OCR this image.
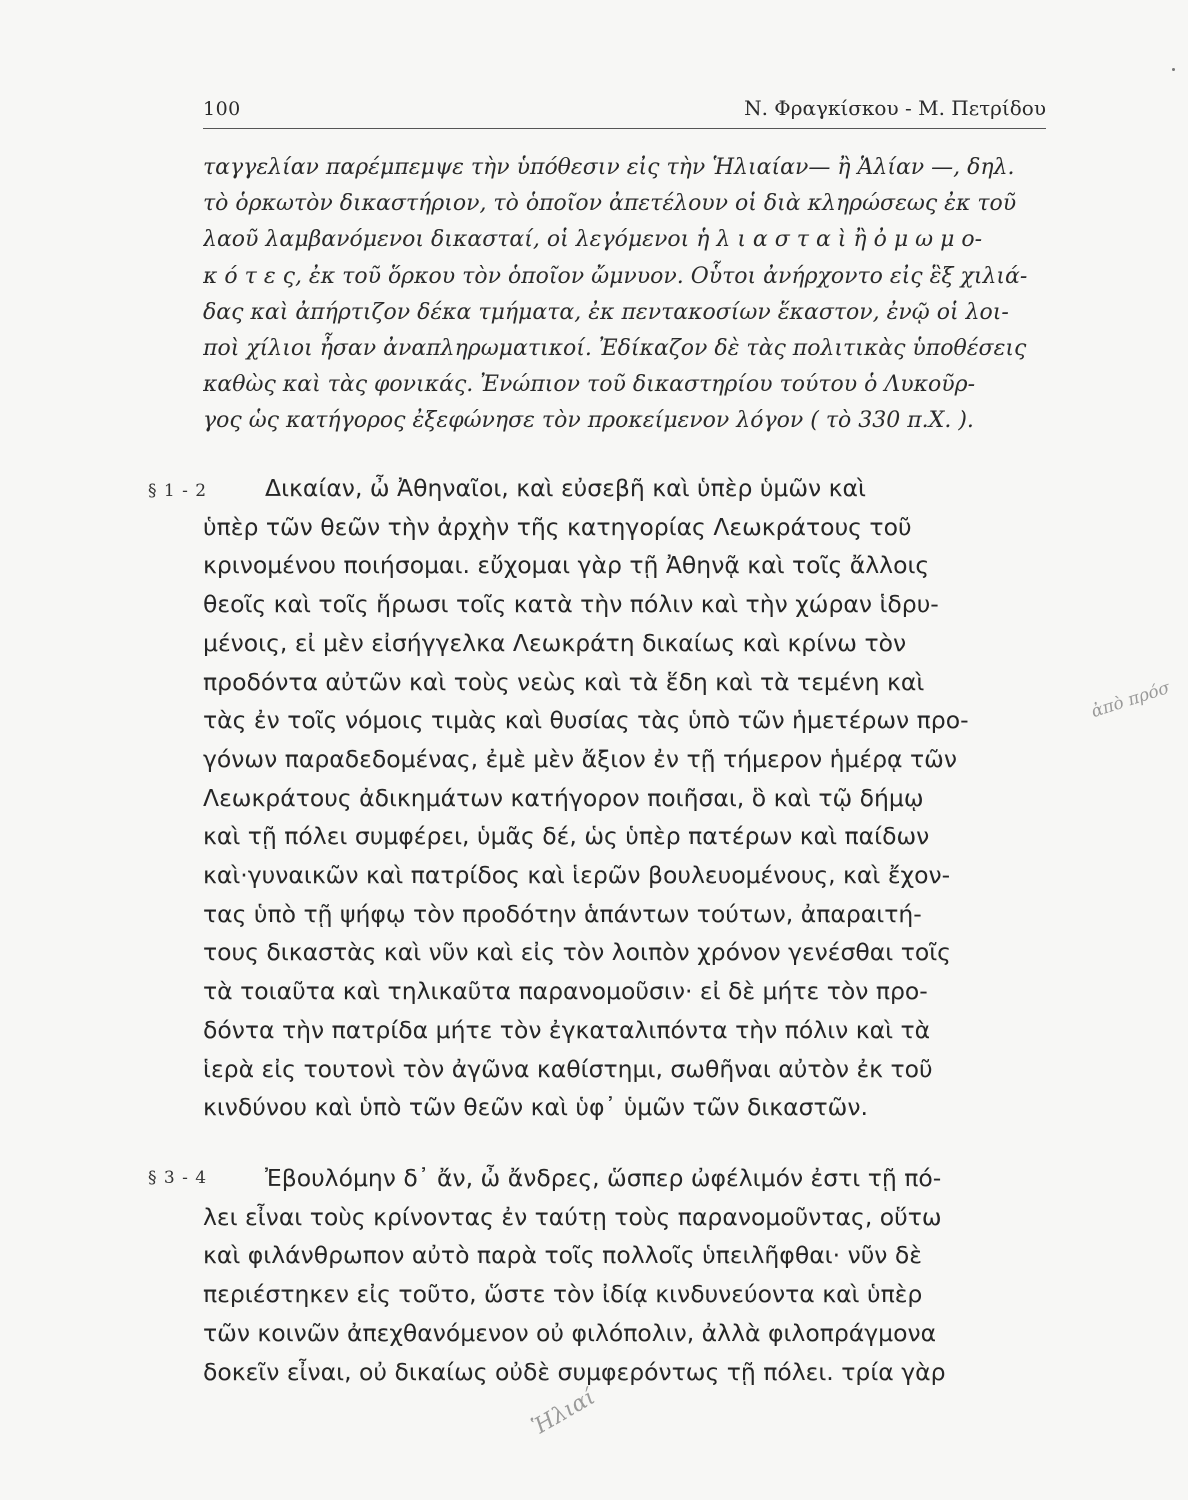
100	Ν. Φραγκίσκου - Μ. Πετρίδου

ταγγελίαν παρέμπεμψε τὴν ὑπόθεσιν εἰς τὴν Ἡλιαίαν— ἢ Ἁλίαν —, δηλ.
τὸ ὁρκωτὸν δικαστήριον, τὸ ὁποῖον ἀπετέλουν οἱ διὰ κληρώσεως ἐκ τοῦ
λαοῦ λαμβανόμενοι δικασταί, οἱ λεγόμενοι ἡ λ ι α σ τ α ὶ ἢ ὀ μ ω μ ο-
κ ό τ ε ς, ἐκ τοῦ ὅρκου τὸν ὁποῖον ὤμνυον. Οὗτοι ἀνήρχοντο εἰς ἓξ χιλιά-
δας καὶ ἀπήρτιζον δέκα τμήματα, ἐκ πεντακοσίων ἕκαστον, ἐνῷ οἱ λοι-
ποὶ χίλιοι ἦσαν ἀναπληρωματικοί. Ἐδίκαζον δὲ τὰς πολιτικὰς ὑποθέσεις
καθὼς καὶ τὰς φονικάς. Ἐνώπιον τοῦ δικαστηρίου τούτου ὁ Λυκοῦρ-
γος ὡς κατήγορος ἐξεφώνησε τὸν προκείμενον λόγον ( τὸ 330 π.Χ. ).

§ 1 - 2	Δικαίαν, ὦ Ἀθηναῖοι, καὶ εὐσεβῆ καὶ ὑπὲρ ὑμῶν καὶ
ὑπὲρ τῶν θεῶν τὴν ἀρχὴν τῆς κατηγορίας Λεωκράτους τοῦ
κρινομένου ποιήσομαι. εὔχομαι γὰρ τῇ Ἀθηνᾷ καὶ τοῖς ἄλλοις
θεοῖς καὶ τοῖς ἥρωσι τοῖς κατὰ τὴν πόλιν καὶ τὴν χώραν ἱδρυ-
μένοις, εἰ μὲν εἰσήγγελκα Λεωκράτη δικαίως καὶ κρίνω τὸν
προδόντα αὐτῶν καὶ τοὺς νεὼς καὶ τὰ ἕδη καὶ τὰ τεμένη καὶ
τὰς ἐν τοῖς νόμοις τιμὰς καὶ θυσίας τὰς ὑπὸ τῶν ἡμετέρων προ-
γόνων παραδεδομένας, ἐμὲ μὲν ἄξιον ἐν τῇ τήμερον ἡμέρᾳ τῶν
Λεωκράτους ἀδικημάτων κατήγορον ποιῆσαι, ὃ καὶ τῷ δήμῳ
καὶ τῇ πόλει συμφέρει, ὑμᾶς δέ, ὡς ὑπὲρ πατέρων καὶ παίδων
καὶ·γυναικῶν καὶ πατρίδος καὶ ἱερῶν βουλευομένους, καὶ ἔχον-
τας ὑπὸ τῇ ψήφῳ τὸν προδότην ἁπάντων τούτων, ἀπαραιτή-
τους δικαστὰς καὶ νῦν καὶ εἰς τὸν λοιπὸν χρόνον γενέσθαι τοῖς
τὰ τοιαῦτα καὶ τηλικαῦτα παρανομοῦσιν· εἰ δὲ μήτε τὸν προ-
δόντα τὴν πατρίδα μήτε τὸν ἐγκαταλιπόντα τὴν πόλιν καὶ τὰ
ἱερὰ εἰς τουτονὶ τὸν ἀγῶνα καθίστημι, σωθῆναι αὐτὸν ἐκ τοῦ
κινδύνου καὶ ὑπὸ τῶν θεῶν καὶ ὑφ᾽ ὑμῶν τῶν δικαστῶν.

§ 3 - 4	Ἐβουλόμην δ᾽ ἄν, ὦ ἄνδρες, ὥσπερ ὠφέλιμόν ἐστι τῇ πό-
λει εἶναι τοὺς κρίνοντας ἐν ταύτῃ τοὺς παρανομοῦντας, οὕτω
καὶ φιλάνθρωπον αὐτὸ παρὰ τοῖς πολλοῖς ὑπειλῆφθαι· νῦν δὲ
περιέστηκεν εἰς τοῦτο, ὥστε τὸν ἰδίᾳ κινδυνεύοντα καὶ ὑπὲρ
τῶν κοινῶν ἀπεχθανόμενον οὐ φιλόπολιν, ἀλλὰ φιλοπράγμονα
δοκεῖν εἶναι, οὐ δικαίως οὐδὲ συμφερόντως τῇ πόλει. τρία γὰρ

ἀπὸ πρόσ
Ἡλιαί
